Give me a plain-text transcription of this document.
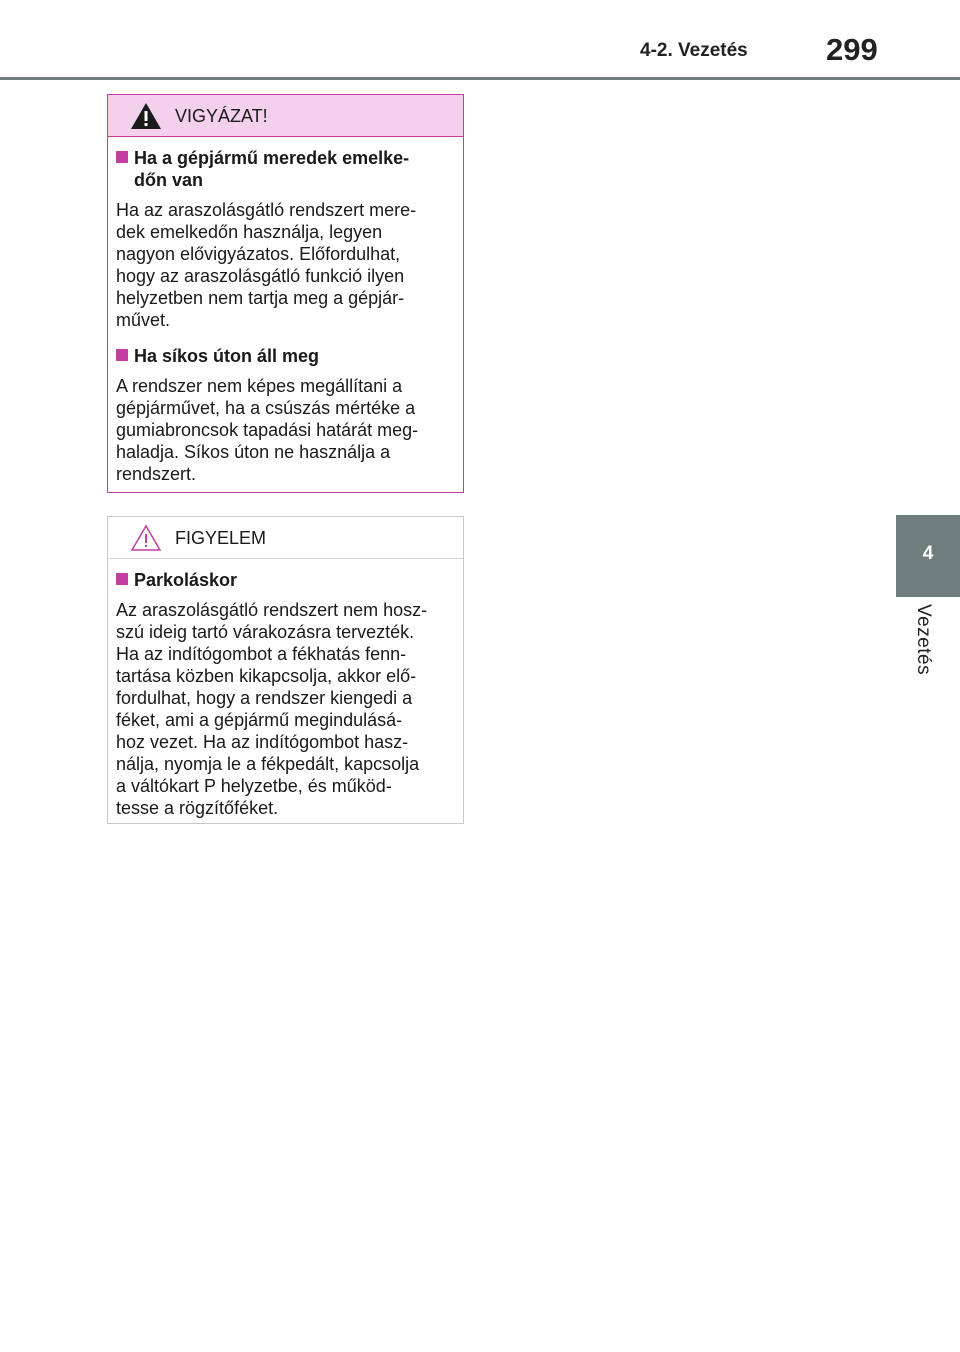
4-2. Vezetés	299
4
Vezetés
VIGYÁZAT!
Ha a gépjármű meredek emelke-
dőn van
Ha az araszolásgátló rendszert mere-
dek emelkedőn használja, legyen
nagyon elővigyázatos. Előfordulhat,
hogy az araszolásgátló funkció ilyen
helyzetben nem tartja meg a gépjár-
művet.
Ha síkos úton áll meg
A rendszer nem képes megállítani a
gépjárművet, ha a csúszás mértéke a
gumiabroncsok tapadási határát meg-
haladja. Síkos úton ne használja a
rendszert.
FIGYELEM
Parkoláskor
Az araszolásgátló rendszert nem hosz-
szú ideig tartó várakozásra tervezték.
Ha az indítógombot a fékhatás fenn-
tartása közben kikapcsolja, akkor elő-
fordulhat, hogy a rendszer kiengedi a
féket, ami a gépjármű megindulásá-
hoz vezet. Ha az indítógombot hasz-
nálja, nyomja le a fékpedált, kapcsolja
a váltókart P helyzetbe, és működ-
tesse a rögzítőféket.
